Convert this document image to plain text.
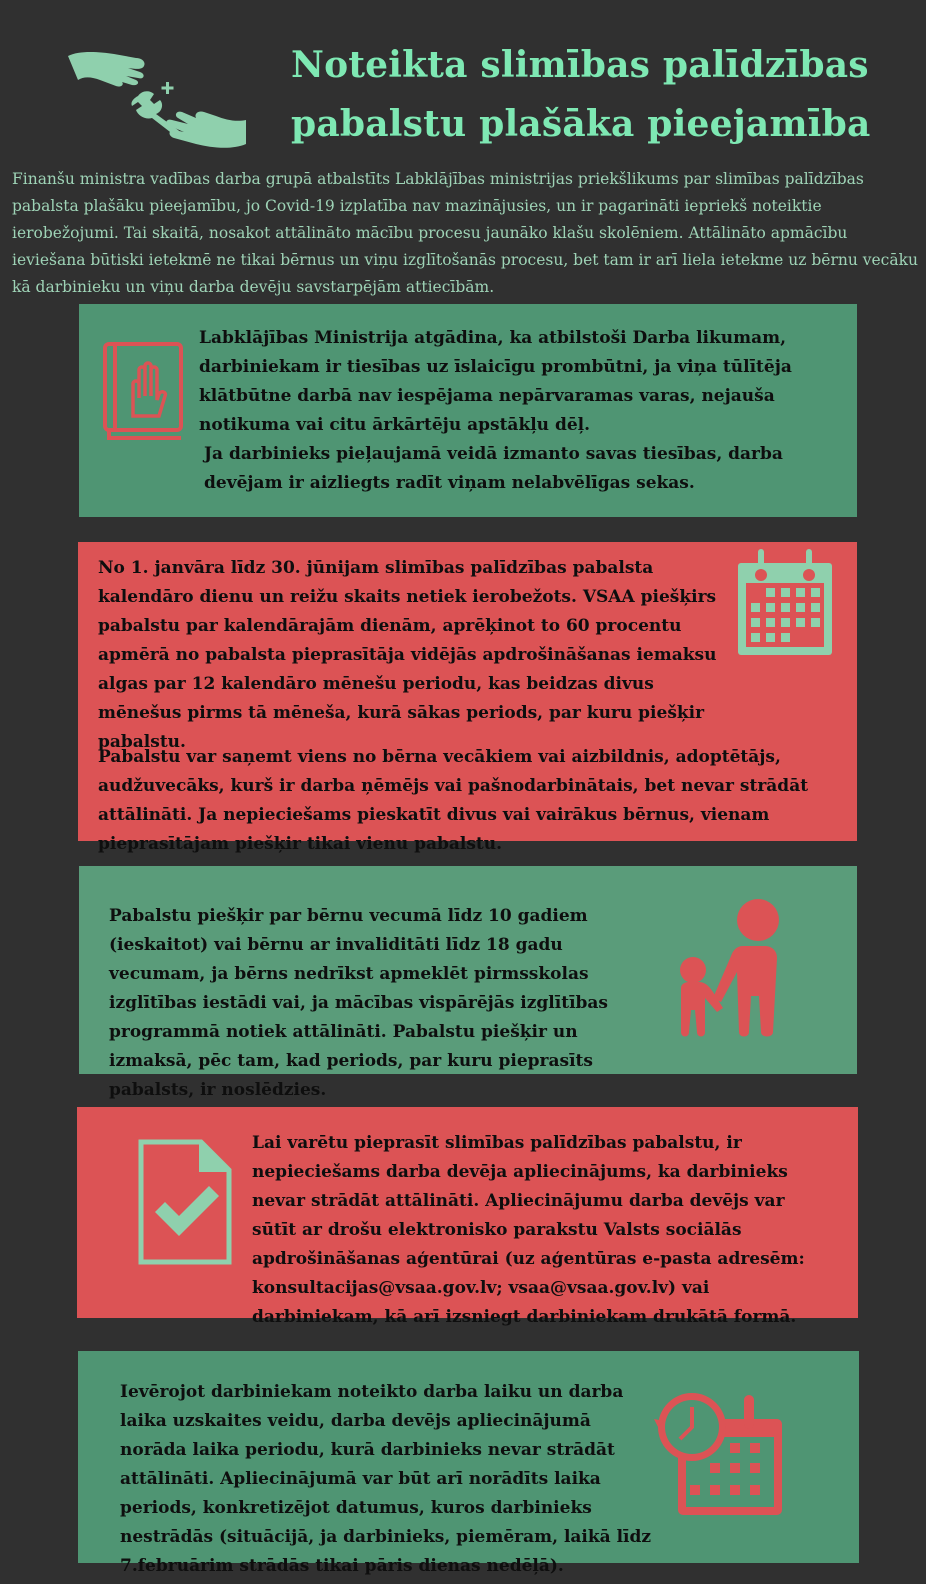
Noteikta slimības palīdzības
pabalstu plašāka pieejamība
Finanšu ministra vadības darba grupā atbalstīts Labklājības ministrijas priekšlikums par slimības palīdzības pabalsta plašāku pieejamību, jo Covid-19 izplatība nav mazinājusies, un ir pagarināti iepriekš noteiktie ierobežojumi. Tai skaitā, nosakot attālināto mācību procesu jaunāko klašu skolēniem. Attālināto apmācību ieviešana būtiski ietekmē ne tikai bērnus un viņu izglītošanās procesu, bet tam ir arī liela ietekme uz bērnu vecāku kā darbinieku un viņu darba devēju savstarpējām attiecībām.

Labklājības Ministrija atgādina, ka atbilstoši Darba likumam, darbiniekam ir tiesības uz īslaicīgu prombūtni, ja viņa tūlītēja klātbūtne darbā nav iespējama nepārvaramas varas, nejauša notikuma vai citu ārkārtēju apstākļu dēļ.

Ja darbinieks pieļaujamā veidā izmanto savas tiesības, darba devējam ir aizliegts radīt viņam nelabvēlīgas sekas.

No 1. janvāra līdz 30. jūnijam slimības palīdzības pabalsta kalendāro dienu un reižu skaits netiek ierobežots. VSAA piešķirs pabalstu par kalendārajām dienām, aprēķinot to 60 procentu apmērā no pabalsta pieprasītāja vidējās apdrošināšanas iemaksu algas par 12 kalendāro mēnešu periodu, kas beidzas divus mēnešus pirms tā mēneša, kurā sākas periods, par kuru piešķir pabalstu.

Pabalstu var saņemt viens no bērna vecākiem vai aizbildnis, adoptētājs, audžuvecāks, kurš ir darba ņēmējs vai pašnodarbinātais, bet nevar strādāt attālināti. Ja nepieciešams pieskatīt divus vai vairākus bērnus, vienam pieprasītājam piešķir tikai vienu pabalstu.

Pabalstu piešķir par bērnu vecumā līdz 10 gadiem (ieskaitot) vai bērnu ar invaliditāti līdz 18 gadu vecumam, ja bērns nedrīkst apmeklēt pirmsskolas izglītības iestādi vai, ja mācības vispārējās izglītības programmā notiek attālināti. Pabalstu piešķir un izmaksā, pēc tam, kad periods, par kuru pieprasīts pabalsts, ir noslēdzies.

Lai varētu pieprasīt slimības palīdzības pabalstu, ir nepieciešams darba devēja apliecinājums, ka darbinieks nevar strādāt attālināti. Apliecinājumu darba devējs var sūtīt ar drošu elektronisko parakstu Valsts sociālās apdrošināšanas aģentūrai (uz aģentūras e-pasta adresēm: konsultacijas@vsaa.gov.lv; vsaa@vsaa.gov.lv) vai darbiniekam, kā arī izsniegt darbiniekam drukātā formā.

Ievērojot darbiniekam noteikto darba laiku un darba laika uzskaites veidu, darba devējs apliecinājumā norāda laika periodu, kurā darbinieks nevar strādāt attālināti. Apliecinājumā var būt arī norādīts laika periods, konkretizējot datumus, kuros darbinieks nestrādās (situācijā, ja darbinieks, piemēram, laikā līdz 7.februārim strādās tikai pāris dienas nedēļā).
